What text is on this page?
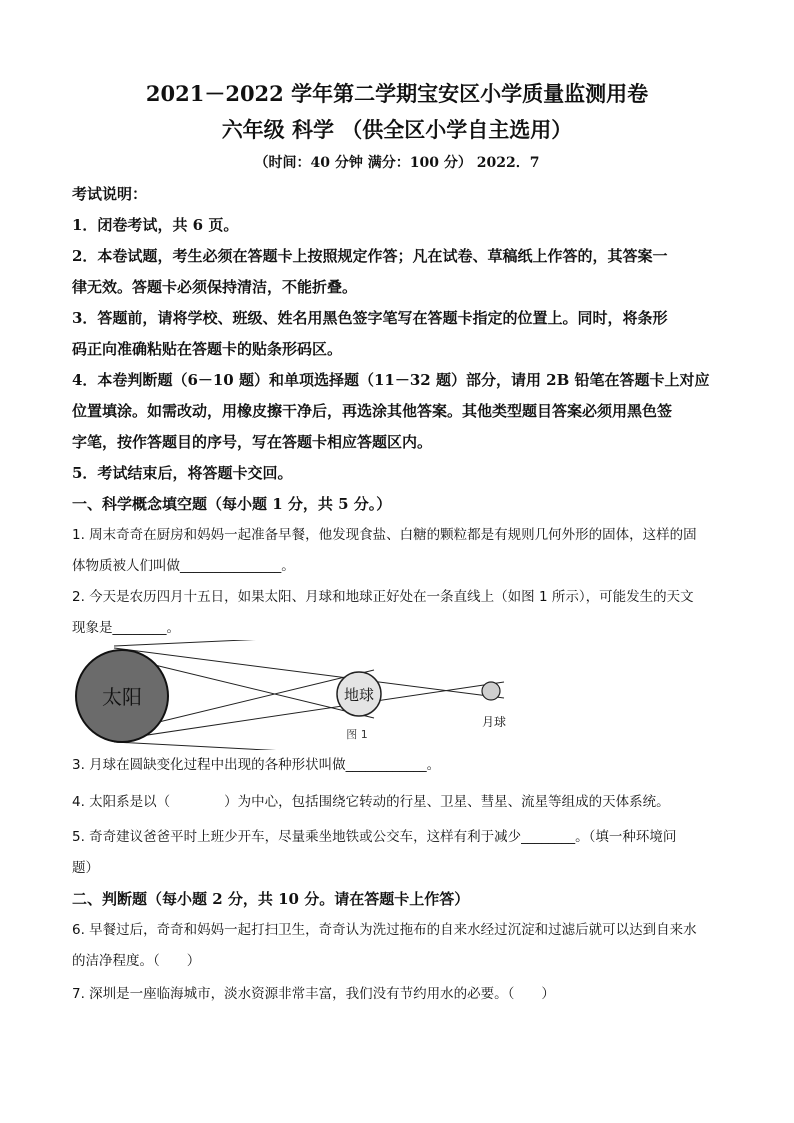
2021－2022 学年第二学期宝安区小学质量监测用卷
六年级 科学 （供全区小学自主选用）
（时间：40 分钟 满分：100 分） 2022．7
考试说明：
1．闭卷考试，共 6 页。
2．本卷试题，考生必须在答题卡上按照规定作答；凡在试卷、草稿纸上作答的，其答案一
律无效。答题卡必须保持清洁，不能折叠。
3．答题前，请将学校、班级、姓名用黑色签字笔写在答题卡指定的位置上。同时，将条形
码正向准确粘贴在答题卡的贴条形码区。
4．本卷判断题（6－10 题）和单项选择题（11－32 题）部分，请用 2B 铅笔在答题卡上对应
位置填涂。如需改动，用橡皮擦干净后，再选涂其他答案。其他类型题目答案必须用黑色签
字笔，按作答题目的序号，写在答题卡相应答题区内。
5．考试结束后，将答题卡交回。
一、科学概念填空题（每小题 1 分，共 5 分。）
1. 周末奇奇在厨房和妈妈一起准备早餐，他发现食盐、白糖的颗粒都是有规则几何外形的固体，这样的固
体物质被人们叫做_______________。
2. 今天是农历四月十五日，如果太阳、月球和地球正好处在一条直线上（如图 1 所示），可能发生的天文
现象是________。
太阳	地球
月球
图 1
3. 月球在圆缺变化过程中出现的各种形状叫做____________。
4. 太阳系是以（　　　　）为中心，包括围绕它转动的行星、卫星、彗星、流星等组成的天体系统。
5. 奇奇建议爸爸平时上班少开车，尽量乘坐地铁或公交车，这样有利于减少________。（填一种环境问
题）
二、判断题（每小题 2 分，共 10 分。请在答题卡上作答）
6. 早餐过后，奇奇和妈妈一起打扫卫生，奇奇认为洗过拖布的自来水经过沉淀和过滤后就可以达到自来水
的洁净程度。（　　）
7. 深圳是一座临海城市，淡水资源非常丰富，我们没有节约用水的必要。（　　）
